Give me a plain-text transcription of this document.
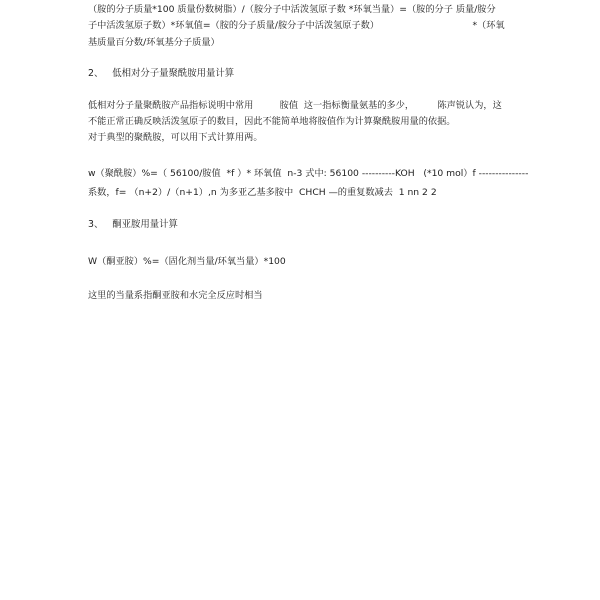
（胺的分子质量*100 质量份数树脂）/（胺分子中活泼氢原子数 *环氧当量）=（胺的分子 质量/胺分
子中活泼氢原子数）*环氧值=（胺的分子质量/胺分子中活泼氢原子数）                                *（环氧
基质量百分数/环氧基分子质量）
2、   低相对分子量聚酰胺用量计算
低相对分子量聚酰胺产品指标说明中常用         胺值  这一指标衡量氨基的多少，        陈声锐认为，这
不能正常正确反映活泼氢原子的数目，因此不能简单地将胺值作为计算聚酰胺用量的依据。
对于典型的聚酰胺，可以用下式计算用两。
w（聚酰胺）%=（ 56100/胺值  *f ）* 环氧值  n-3 式中: 56100 ----------KOH   (*10 mol）f ---------------
系数，f= （n+2）/（n+1）,n 为多亚乙基多胺中  CHCH —的重复数减去  1 nn 2 2
3、   酮亚胺用量计算
W（酮亚胺）%=（固化剂当量/环氧当量）*100
这里的当量系指酮亚胺和水完全反应时相当
